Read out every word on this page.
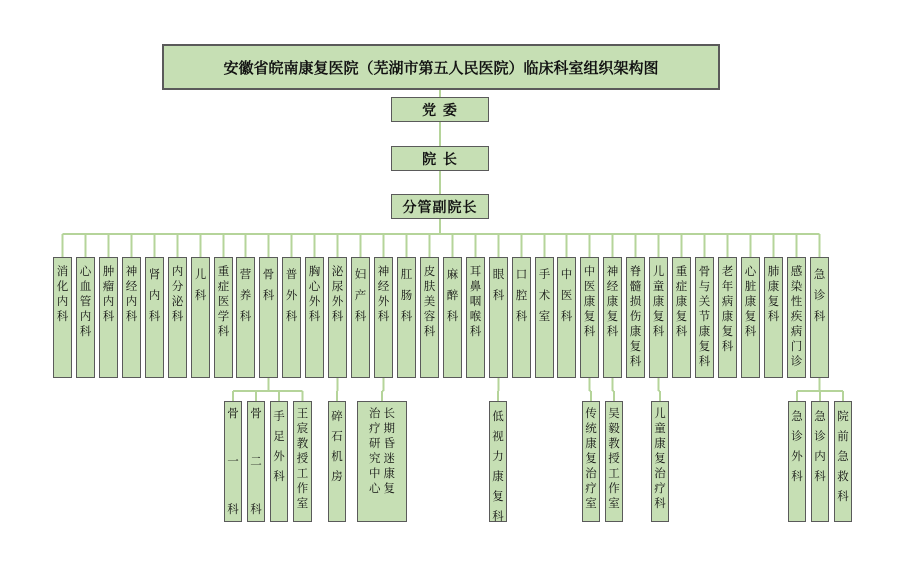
安徽省皖南康复医院（芜湖市第五人民医院）临床科室组织架构图
党 委
院 长
分管副院长
骨
一
科
骨
二
科
手
足
外
科
王
宸
教
授
工
作
室
碎
石
机
房
长
期
昏
迷
康
复
治
疗
研
究
中
心
低
视
力
康
复
科
传
统
康
复
治
疗
室
吴
毅
教
授
工
作
室
儿
童
康
复
治
疗
科
急
诊
外
科
急
诊
内
科
院
前
急
救
科
消
化
内
科
心
血
管
内
科
肿
瘤
内
科
神
经
内
科
肾
内
科
内
分
泌
科
儿
科
重
症
医
学
科
营
养
科
骨
科
普
外
科
胸
心
外
科
泌
尿
外
科
妇
产
科
神
经
外
科
肛
肠
科
皮
肤
美
容
科
麻
醉
科
耳
鼻
咽
喉
科
眼
科
口
腔
科
手
术
室
中
医
科
中
医
康
复
科
神
经
康
复
科
脊
髓
损
伤
康
复
科
儿
童
康
复
科
重
症
康
复
科
骨
与
关
节
康
复
科
老
年
病
康
复
科
心
脏
康
复
科
肺
康
复
科
感
染
性
疾
病
门
诊
急
诊
科
